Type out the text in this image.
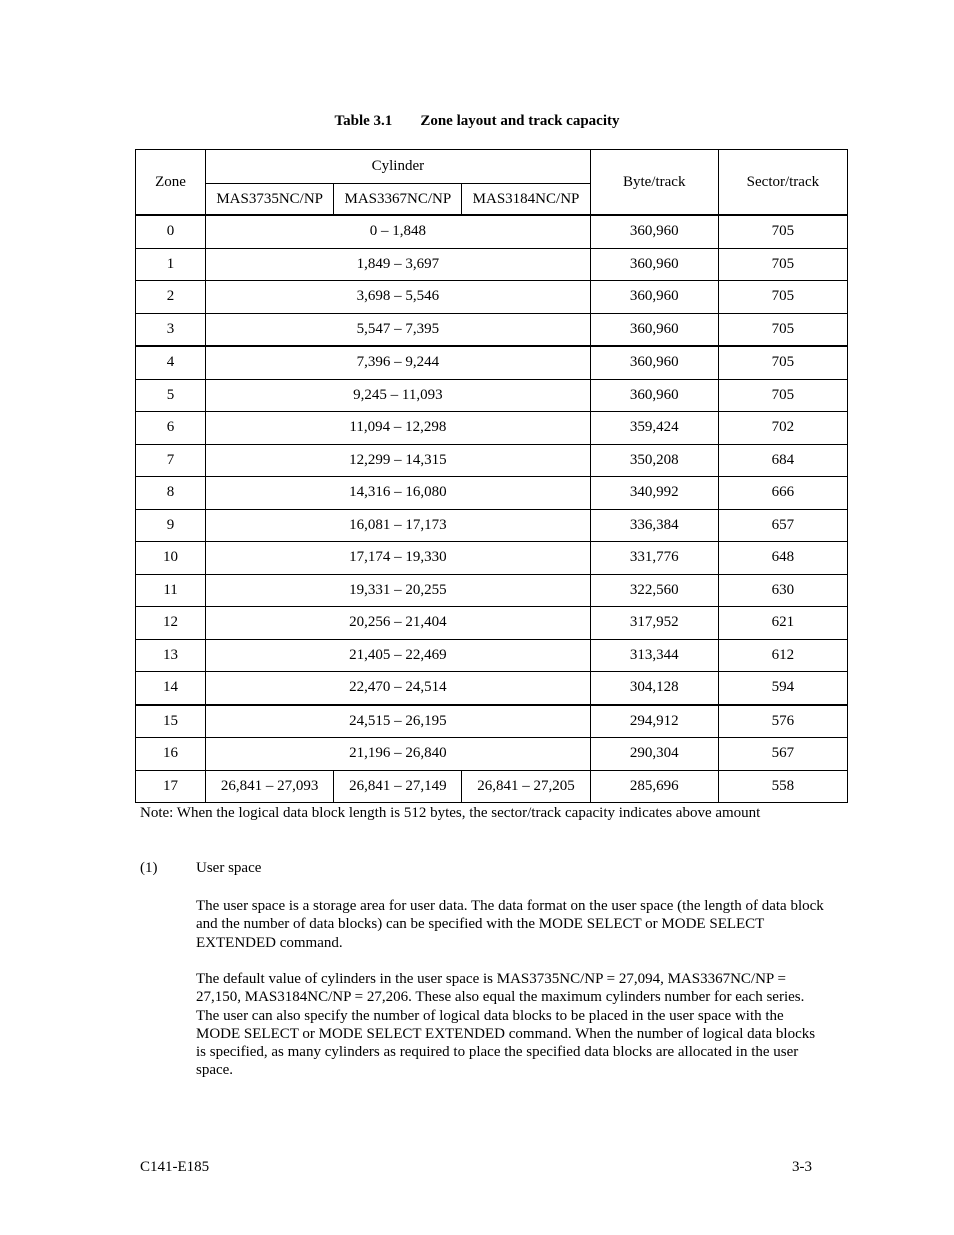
Table 3.1 Zone layout and track capacity
Zone	Cylinder			Byte/track	Sector/track
	MAS3735NC/NP	MAS3367NC/NP	MAS3184NC/NP		
0	0 – 1,848			360,960	705
1	1,849 – 3,697			360,960	705
2	3,698 – 5,546			360,960	705
3	5,547 – 7,395			360,960	705
4	7,396 – 9,244			360,960	705
5	9,245 – 11,093			360,960	705
6	11,094 – 12,298			359,424	702
7	12,299 – 14,315			350,208	684
8	14,316 – 16,080			340,992	666
9	16,081 – 17,173			336,384	657
10	17,174 – 19,330			331,776	648
11	19,331 – 20,255			322,560	630
12	20,256 – 21,404			317,952	621
13	21,405 – 22,469			313,344	612
14	22,470 – 24,514			304,128	594
15	24,515 – 26,195			294,912	576
16	21,196 – 26,840			290,304	567
17	26,841 – 27,093	26,841 – 27,149	26,841 – 27,205	285,696	558
Note: When the logical data block length is 512 bytes, the sector/track capacity indicates above amount
(1)	User space
The user space is a storage area for user data. The data format on the user space (the length of data block and the number of data blocks) can be specified with the MODE SELECT or MODE SELECT EXTENDED command.
The default value of cylinders in the user space is MAS3735NC/NP = 27,094, MAS3367NC/NP = 27,150, MAS3184NC/NP = 27,206. These also equal the maximum cylinders number for each series. The user can also specify the number of logical data blocks to be placed in the user space with the MODE SELECT or MODE SELECT EXTENDED command. When the number of logical data blocks is specified, as many cylinders as required to place the specified data blocks are allocated in the user space.
C141-E185	3-3
